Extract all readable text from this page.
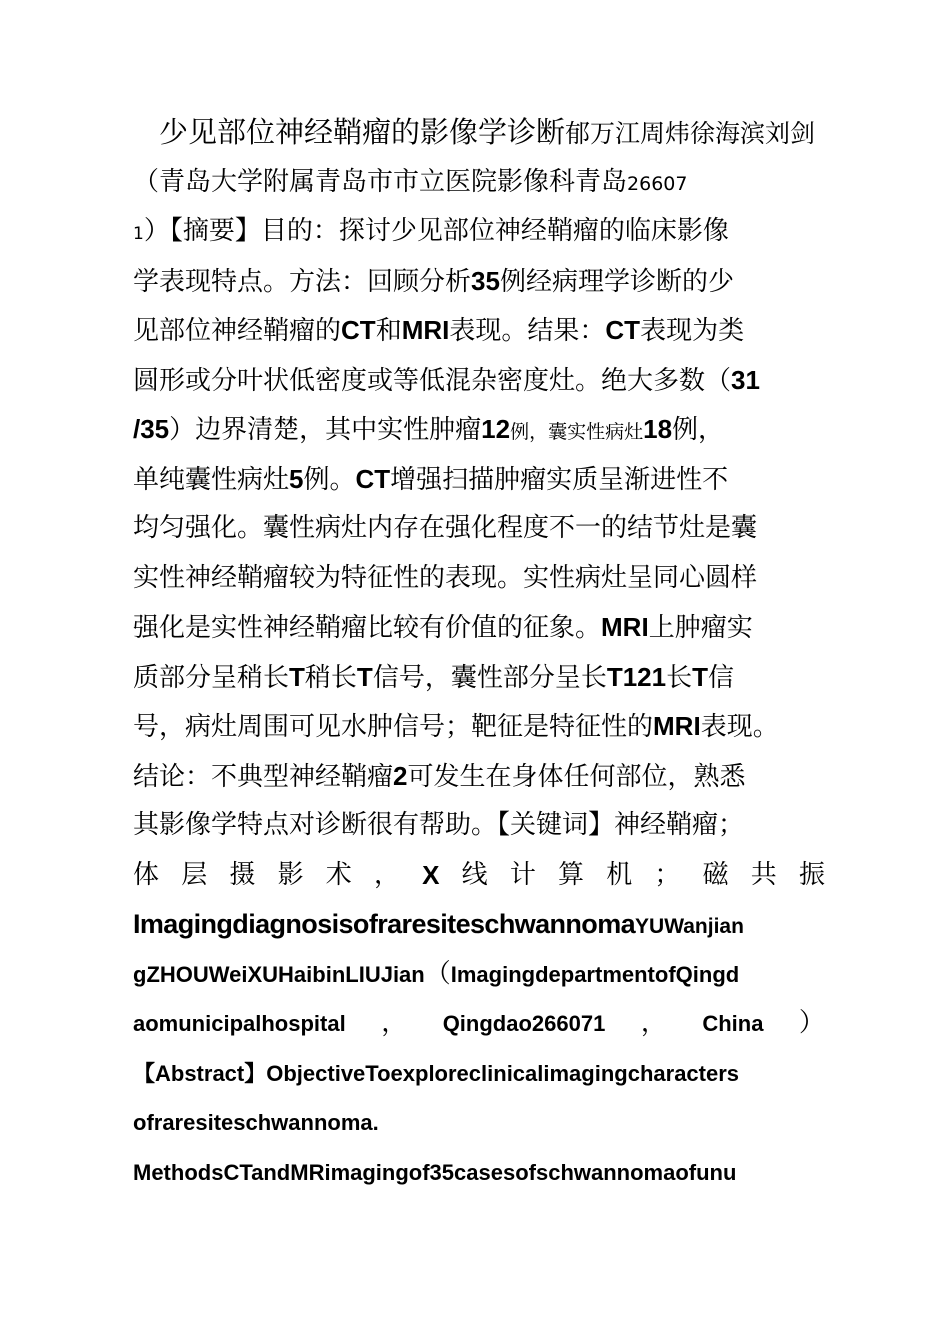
少见部位神经鞘瘤的影像学诊断郁万江周炜徐海滨刘剑
（青岛大学附属青岛市市立医院影像科青岛26607
1）【摘要】目的：探讨少见部位神经鞘瘤的临床影像
学表现特点。方法：回顾分析35例经病理学诊断的少
见部位神经鞘瘤的CT和MRI表现。结果：CT表现为类
圆形或分叶状低密度或等低混杂密度灶。绝大多数（31
/35）边界清楚，其中实性肿瘤12例，囊实性病灶18例，
单纯囊性病灶5例。CT增强扫描肿瘤实质呈渐进性不
均匀强化。囊性病灶内存在强化程度不一的结节灶是囊
实性神经鞘瘤较为特征性的表现。实性病灶呈同心圆样
强化是实性神经鞘瘤比较有价值的征象。MRI上肿瘤实
质部分呈稍长T稍长T信号，囊性部分呈长T121长T信
号，病灶周围可见水肿信号；靶征是特征性的MRI表现。
结论：不典型神经鞘瘤2可发生在身体任何部位，熟悉
其影像学特点对诊断很有帮助。【关键词】神经鞘瘤；
体 层 摄 影 术 ， X 线 计 算 机 ； 磁 共 振
ImagingdiagnosisofraresiteschwannomaYUWanjian
gZHOUWeiXUHaibinLIUJian（ImagingdepartmentofQingd
aomunicipalhospital ， Qingdao266071 ， China ）
【Abstract】ObjectiveToexploreclinicalimagingcharacters
ofraresiteschwannoma.
MethodsCTandMRimagingof35casesofschwannomaofunu
